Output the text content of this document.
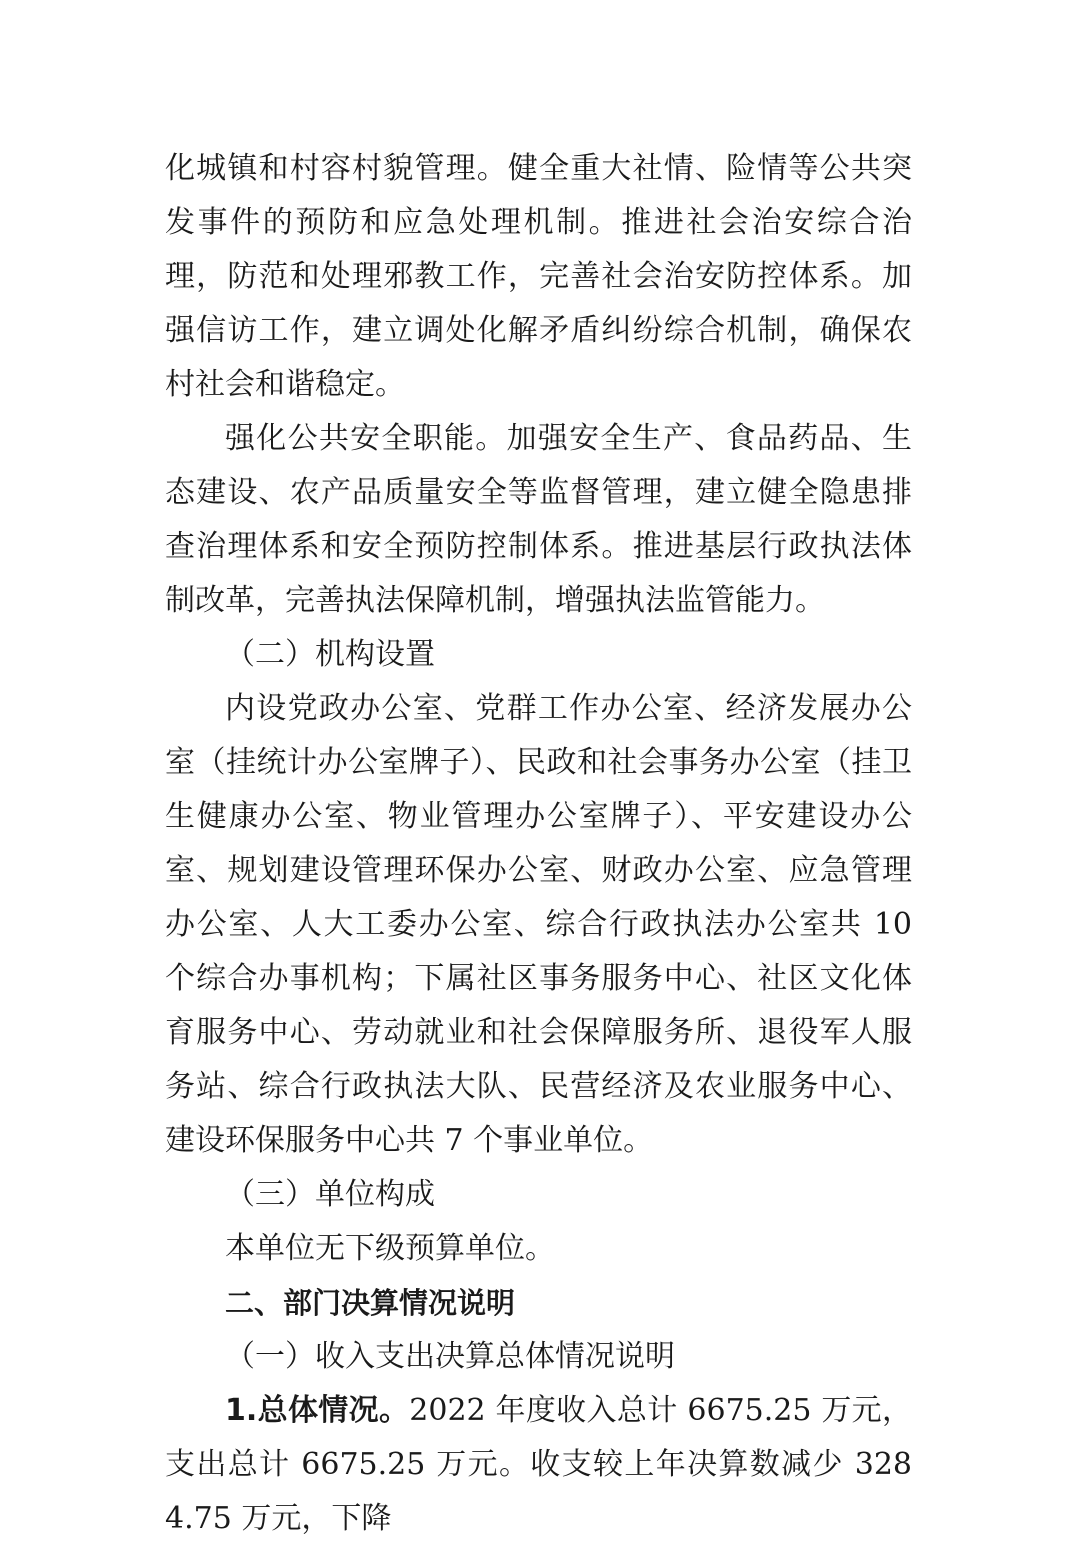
化城镇和村容村貌管理。健全重大社情、险情等公共突发事件的预防和应急处理机制。推进社会治安综合治理，防范和处理邪教工作，完善社会治安防控体系。加强信访工作，建立调处化解矛盾纠纷综合机制，确保农村社会和谐稳定。

强化公共安全职能。加强安全生产、食品药品、生态建设、农产品质量安全等监督管理，建立健全隐患排查治理体系和安全预防控制体系。推进基层行政执法体制改革，完善执法保障机制，增强执法监管能力。

（二）机构设置

内设党政办公室、党群工作办公室、经济发展办公室（挂统计办公室牌子）、民政和社会事务办公室（挂卫生健康办公室、物业管理办公室牌子）、平安建设办公室、规划建设管理环保办公室、财政办公室、应急管理办公室、人大工委办公室、综合行政执法办公室共 10 个综合办事机构；下属社区事务服务中心、社区文化体育服务中心、劳动就业和社会保障服务所、退役军人服务站、综合行政执法大队、民营经济及农业服务中心、建设环保服务中心共 7 个事业单位。

（三）单位构成

本单位无下级预算单位。

二、部门决算情况说明

（一）收入支出决算总体情况说明

1.总体情况。2022 年度收入总计 6675.25 万元，支出总计 6675.25 万元。收支较上年决算数减少 3284.75 万元，下降
